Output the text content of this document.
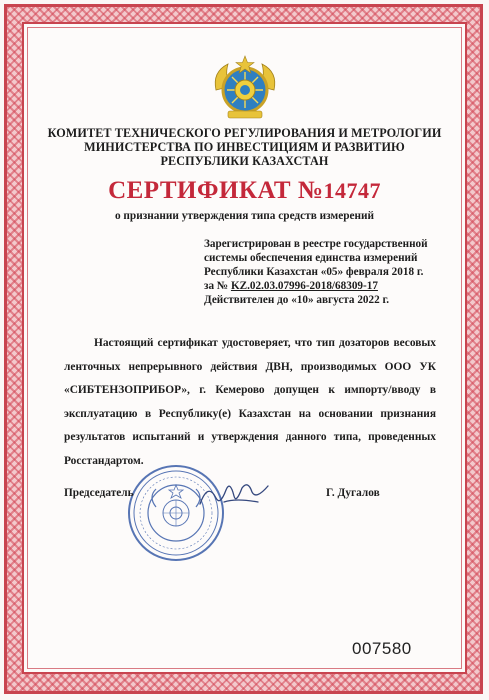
КОМИТЕТ ТЕХНИЧЕСКОГО РЕГУЛИРОВАНИЯ И МЕТРОЛОГИИ
МИНИСТЕРСТВА ПО ИНВЕСТИЦИЯМ И РАЗВИТИЮ
РЕСПУБЛИКИ КАЗАХСТАН
СЕРТИФИКАТ №14747
о признании утверждения типа средств измерений
Зарегистрирован в реестре государственной
системы обеспечения единства измерений
Республики Казахстан «05» февраля 2018 г.
за № KZ.02.03.07996-2018/68309-17
Действителен до «10» августа 2022 г.
Настоящий сертификат удостоверяет, что тип дозаторов весовых ленточных непрерывного действия ДВН, производимых ООО УК «СИБТЕНЗОПРИБОР», г. Кемерово допущен к импорту/вводу в эксплуатацию в Республику(е) Казахстан на основании признания результатов испытаний и утверждения данного типа, проведенных Росстандартом.
Председатель	Г. Дугалов
007580
